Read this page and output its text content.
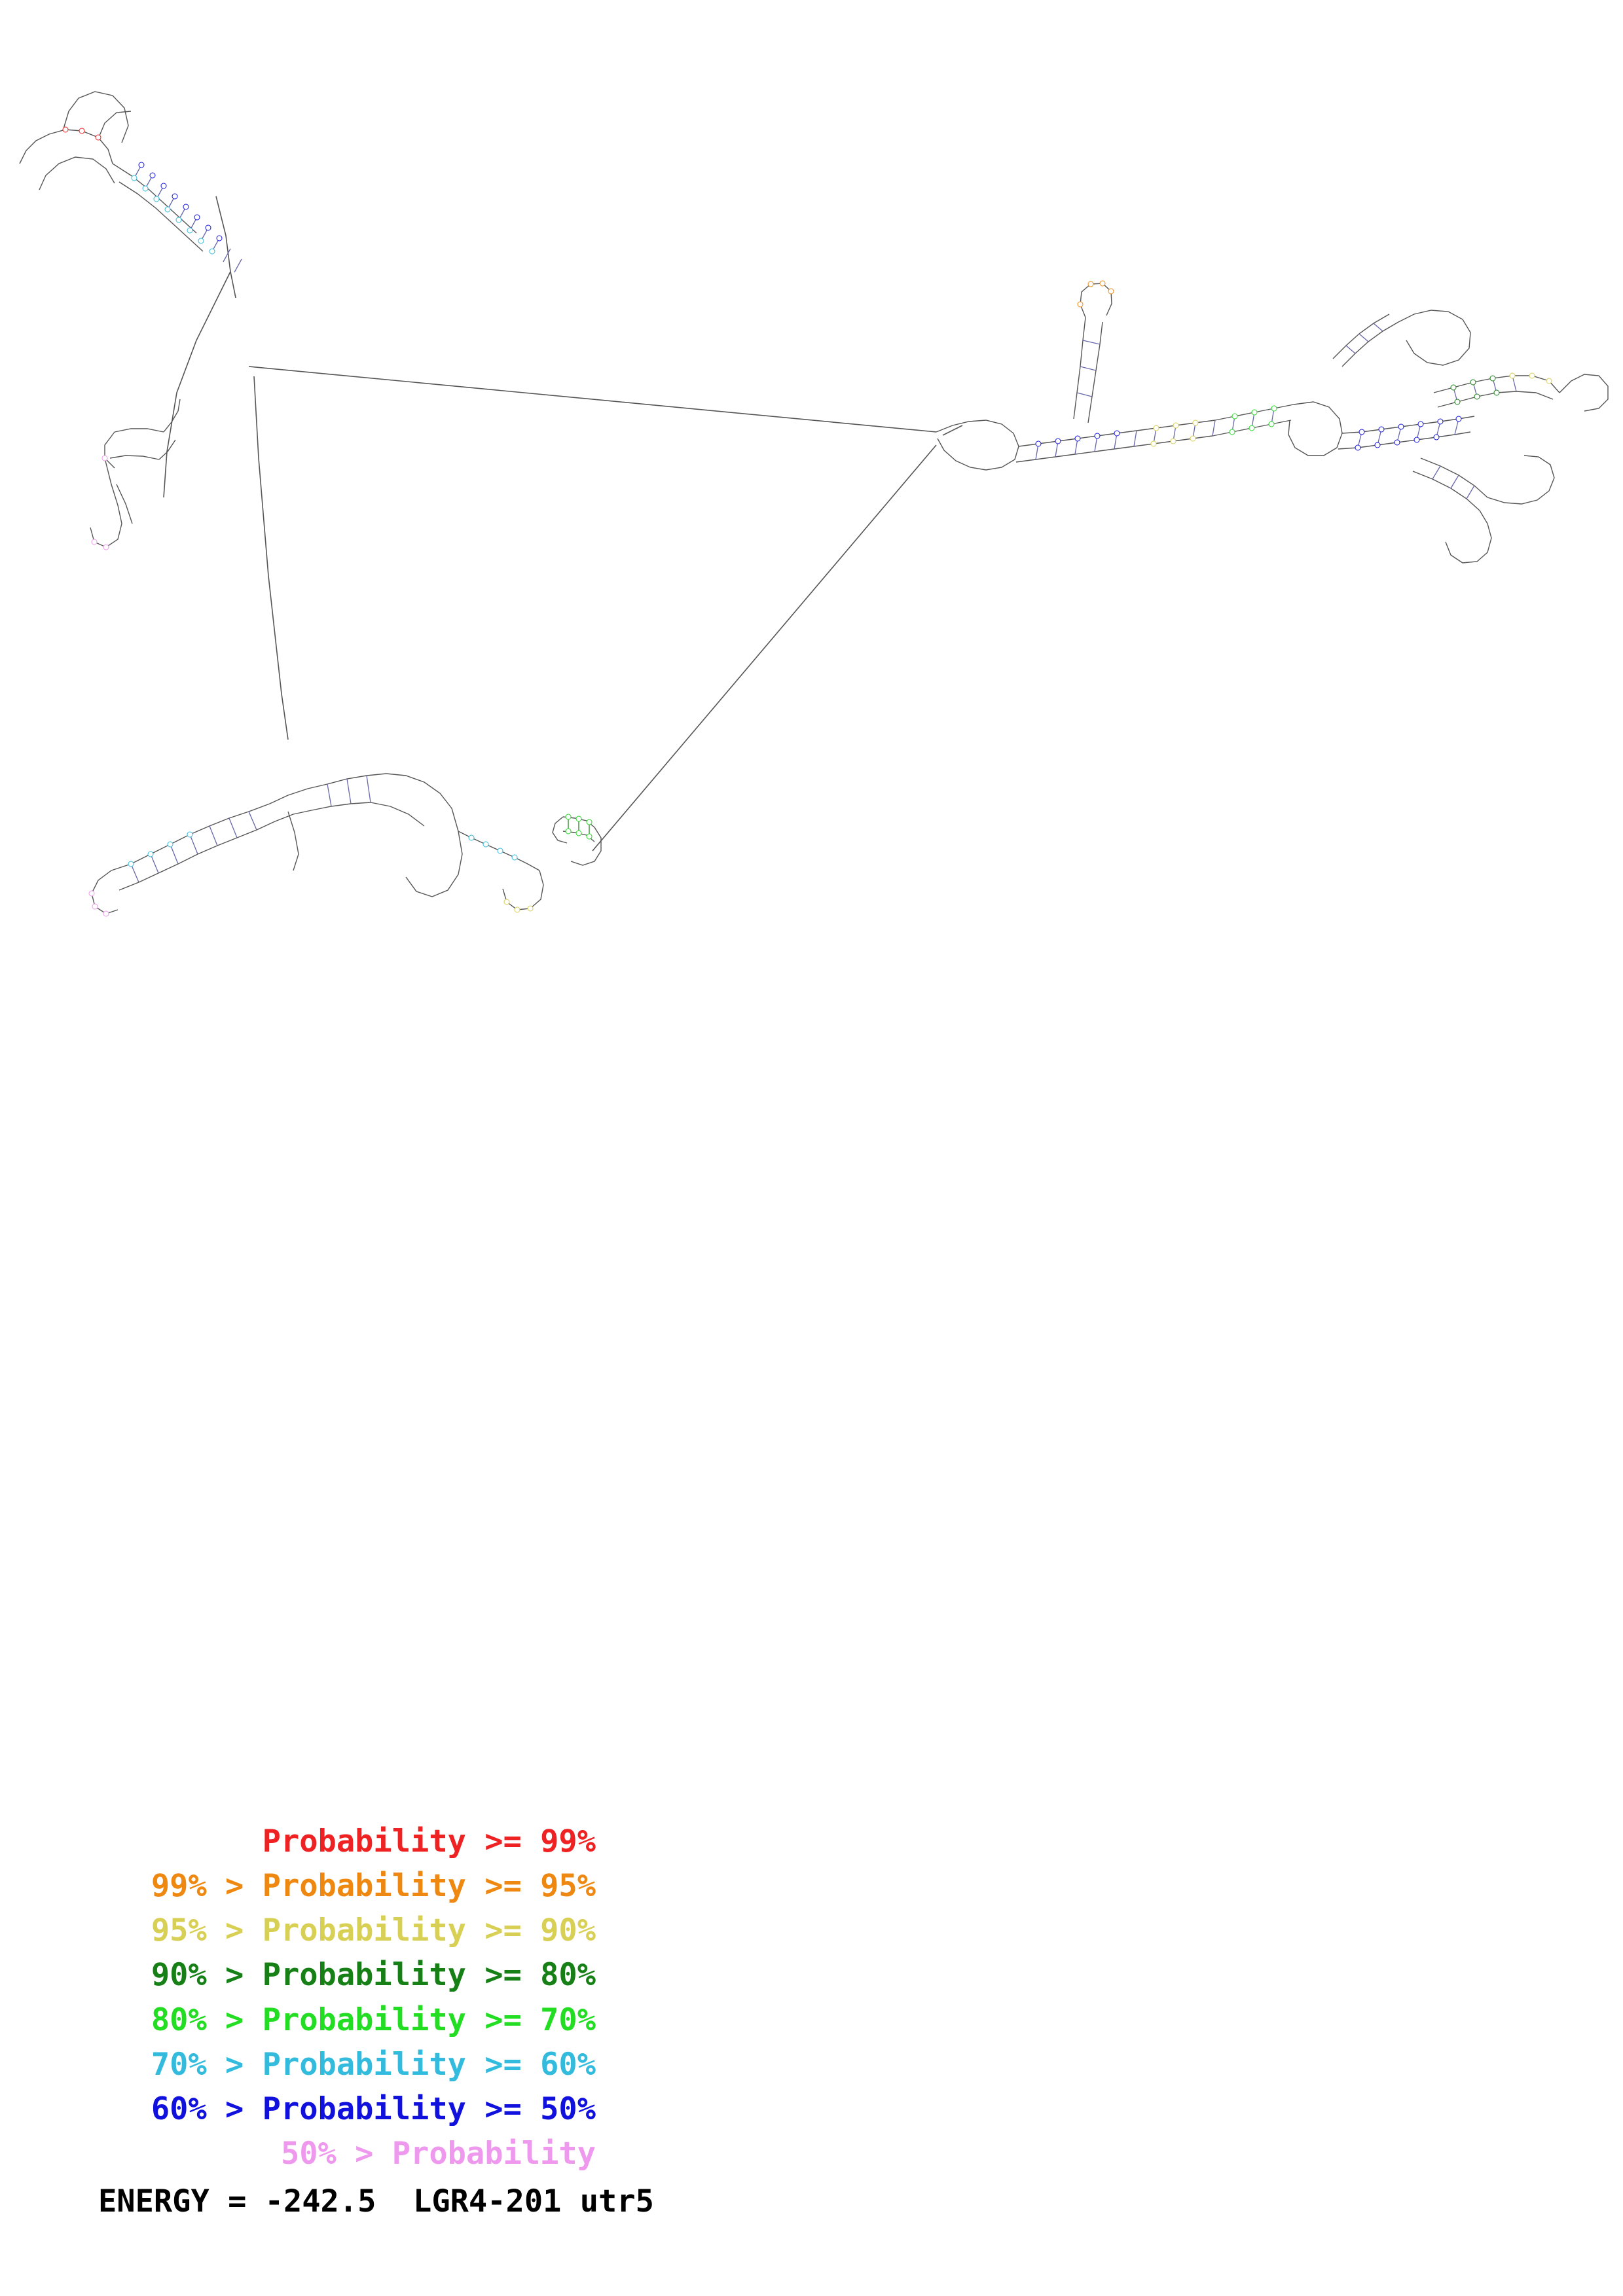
Probability >= 99%
99% > Probability >= 95%
95% > Probability >= 90%
90% > Probability >= 80%
80% > Probability >= 70%
70% > Probability >= 60%
60% > Probability >= 50%
50% > Probability
ENERGY = -242.5  LGR4-201 utr5
